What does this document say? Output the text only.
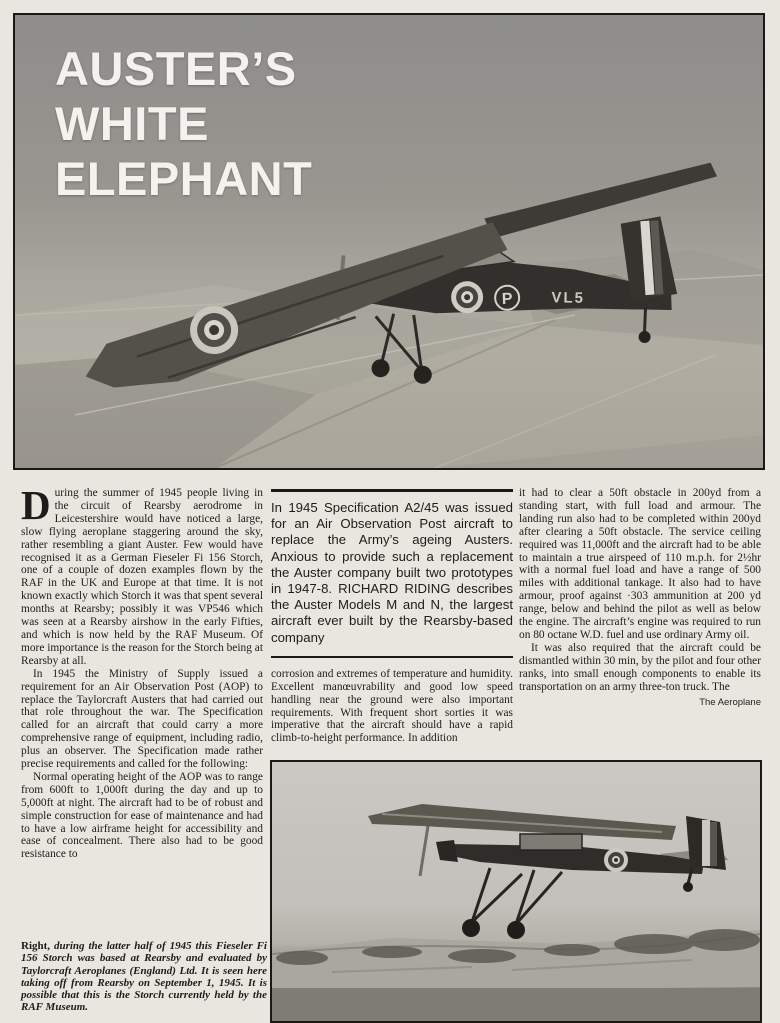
P	VL5
AUSTER’S
WHITE
ELEPHANT

During the summer of 1945 people living in the circuit of Rearsby aerodrome in Leicestershire would have noticed a large, slow flying aeroplane staggering around the sky, rather resembling a giant Auster. Few would have recognised it as a German Fieseler Fi 156 Storch, one of a couple of dozen examples flown by the RAF in the UK and Europe at that time. It is not known exactly which Storch it was that spent several months at Rearsby; possibly it was VP546 which was seen at a Rearsby airshow in the early Fifties, and which is now held by the RAF Museum. Of more importance is the reason for the Storch being at Rearsby at all.

In 1945 the Ministry of Supply issued a requirement for an Air Observation Post (AOP) to replace the Taylorcraft Austers that had carried out that role throughout the war. The Specification called for an aircraft that could carry a more comprehensive range of equipment, including radio, plus an observer. The Specification made rather precise requirements and called for the following:

Normal operating height of the AOP was to range from 600ft to 1,000ft during the day and up to 5,000ft at night. The aircraft had to be of robust and simple construction for ease of maintenance and had to have a low airframe height for accessibility and ease of concealment. There also had to be good resistance to

Right, during the latter half of 1945 this Fieseler Fi 156 Storch was based at Rearsby and evaluated by Taylorcraft Aeroplanes (England) Ltd. It is seen here taking off from Rearsby on September 1, 1945. It is possible that this is the Storch currently held by the RAF Museum.
In 1945 Specification A2/45 was issued for an Air Observation Post aircraft to replace the Army’s ageing Austers. Anxious to provide such a replacement the Auster company built two prototypes in 1947-8. RICHARD RIDING describes the Auster Models M and N, the largest aircraft ever built by the Rearsby-based company

corrosion and extremes of temperature and humidity. Excellent manœuvrability and good low speed handling near the ground were also important requirements. With frequent short sorties it was imperative that the aircraft should have a rapid climb-to-height performance. In addition

it had to clear a 50ft obstacle in 200yd from a standing start, with full load and armour. The landing run also had to be completed within 200yd after clearing a 50ft obstacle. The service ceiling required was 11,000ft and the aircraft had to be able to maintain a true airspeed of 110 m.p.h. for 2½hr with a normal fuel load and have a range of 500 miles with additional tankage. It also had to have armour, proof against ·303 ammunition at 200 yd range, below and behind the pilot as well as below the engine. The aircraft’s engine was required to run on 80 octane W.D. fuel and use ordinary Army oil.

It was also required that the aircraft could be dismantled within 30 min, by the pilot and four other ranks, into small enough components to enable its transportation on an army three-ton truck. The

The Aeroplane
